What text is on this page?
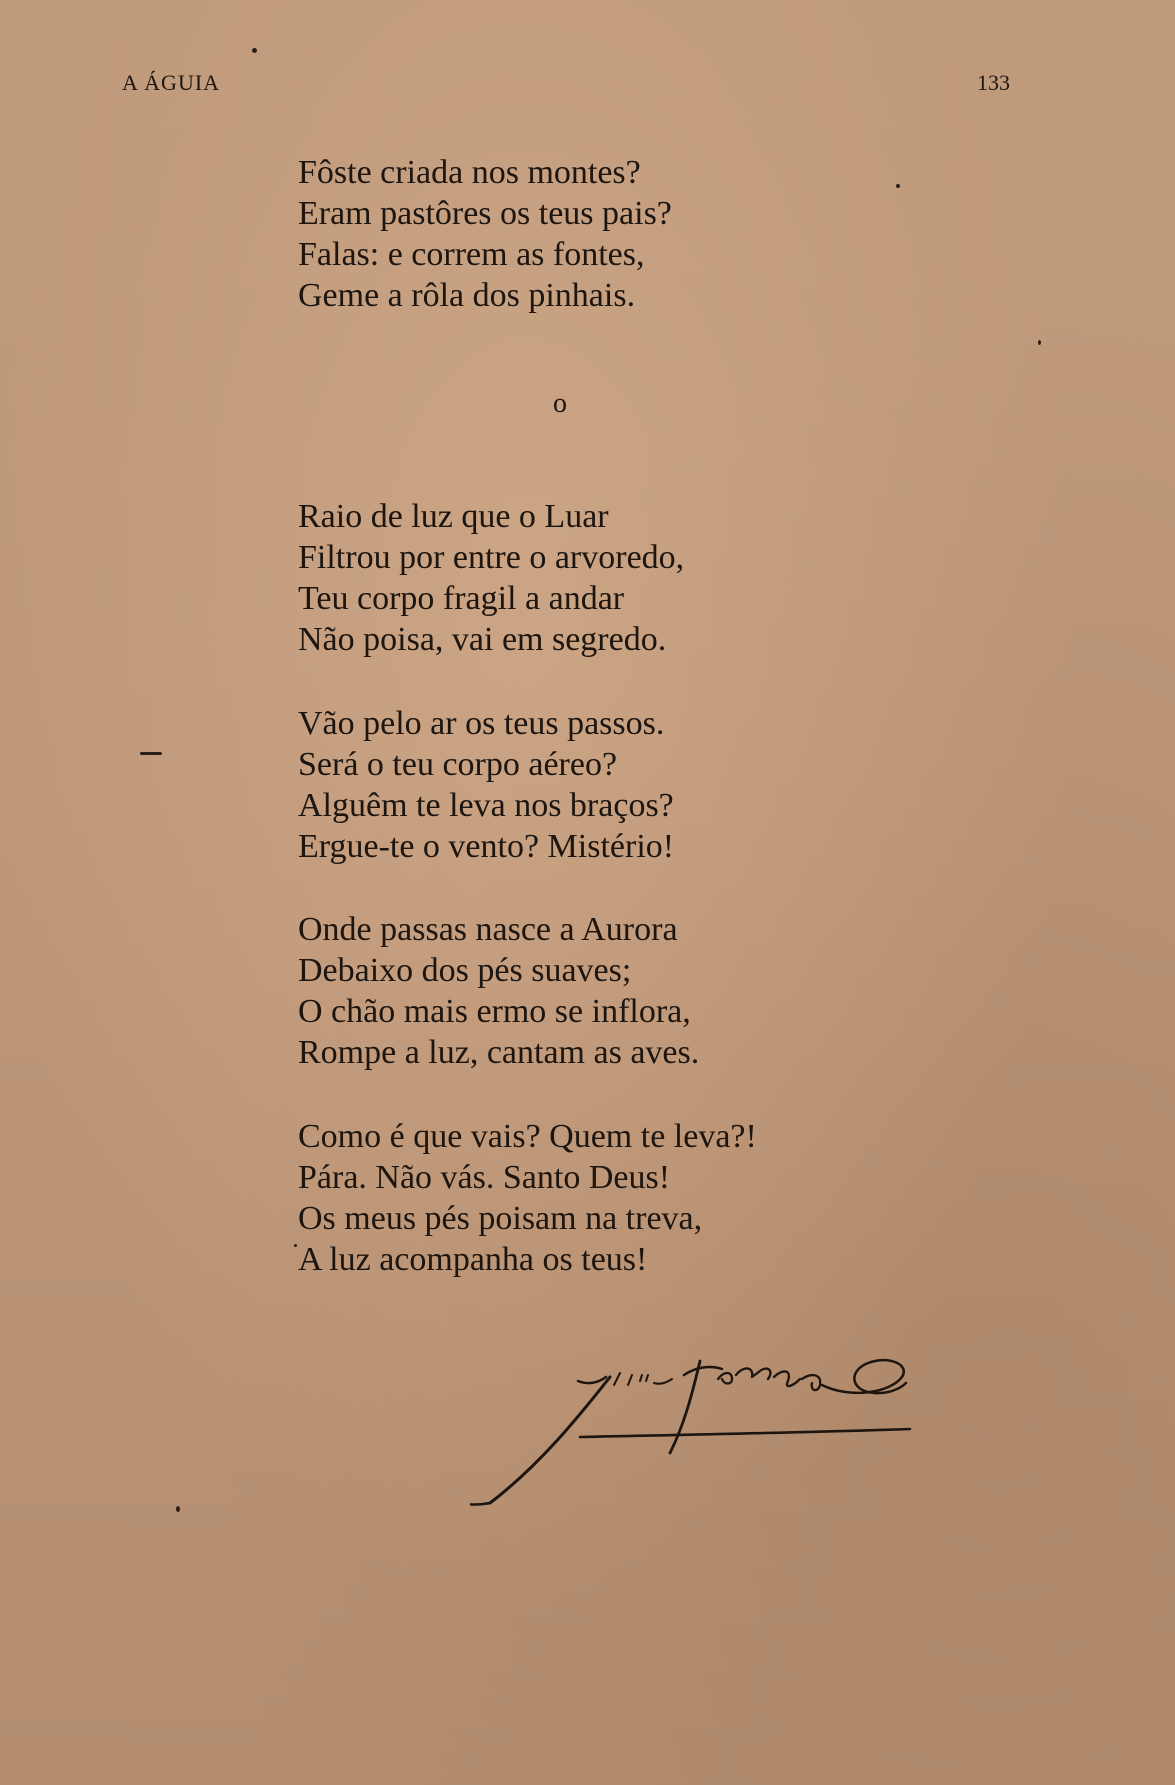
A ÁGUIA	133

Fôste criada nos montes?
Eram pastôres os teus pais?
Falas: e correm as fontes,
Geme a rôla dos pinhais.

o

Raio de luz que o Luar
Filtrou por entre o arvoredo,
Teu corpo fragil a andar
Não poisa, vai em segredo.

Vão pelo ar os teus passos.
Será o teu corpo aéreo?
Alguêm te leva nos braços?
Ergue-te o vento? Mistério!

Onde passas nasce a Aurora
Debaixo dos pés suaves;
O chão mais ermo se inflora,
Rompe a luz, cantam as aves.

Como é que vais? Quem te leva?!
Pára. Não vás. Santo Deus!
Os meus pés poisam na treva,
A luz acompanha os teus!
